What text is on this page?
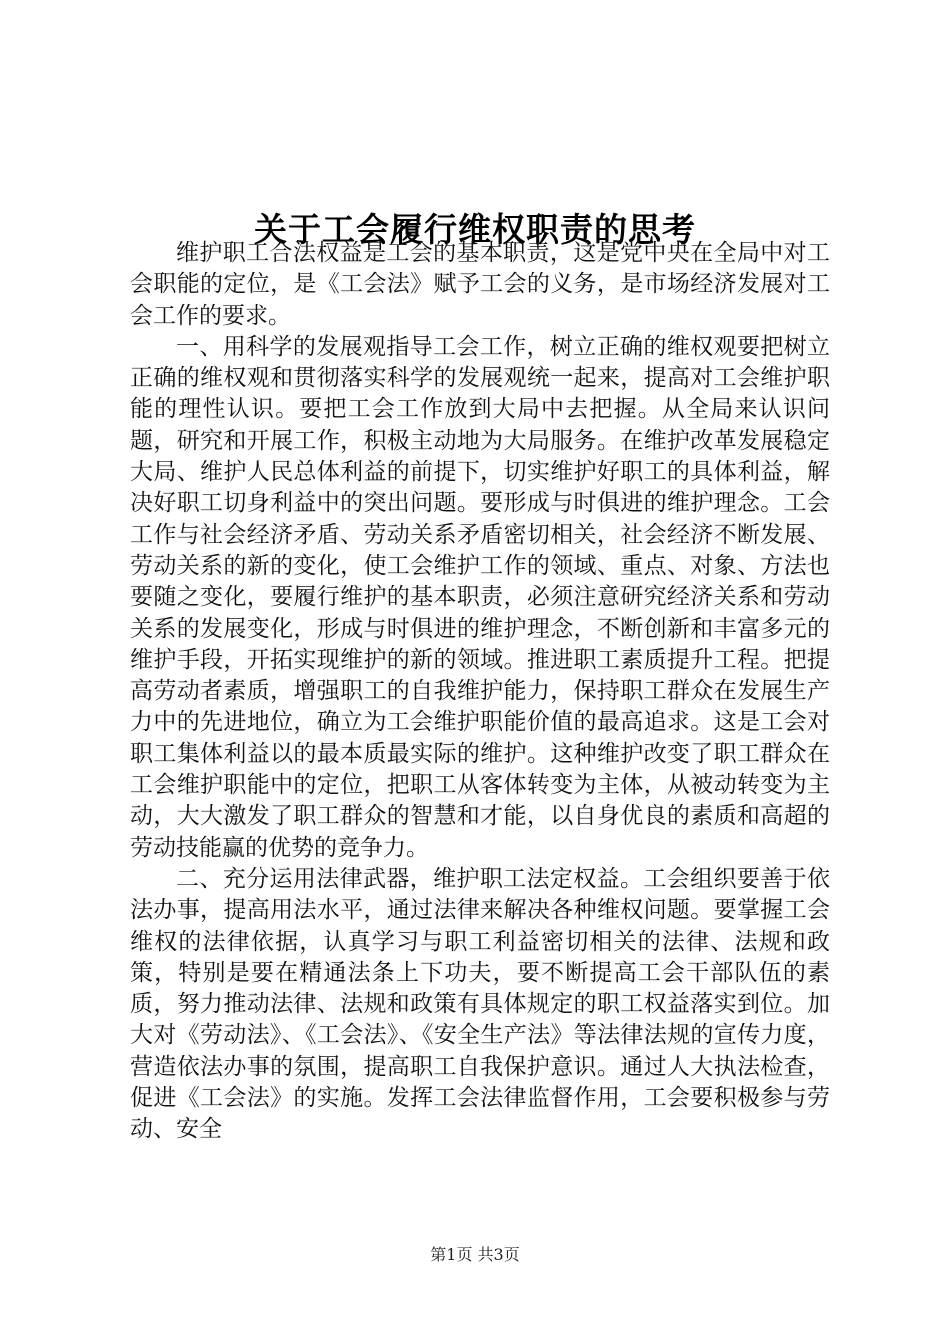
关于工会履行维权职责的思考

维护职工合法权益是工会的基本职责，这是党中央在全局中对工会职能的定位，是《工会法》赋予工会的义务，是市场经济发展对工会工作的要求。

一、用科学的发展观指导工会工作，树立正确的维权观要把树立正确的维权观和贯彻落实科学的发展观统一起来，提高对工会维护职能的理性认识。要把工会工作放到大局中去把握。从全局来认识问题，研究和开展工作，积极主动地为大局服务。在维护改革发展稳定大局、维护人民总体利益的前提下，切实维护好职工的具体利益，解决好职工切身利益中的突出问题。要形成与时俱进的维护理念。工会工作与社会经济矛盾、劳动关系矛盾密切相关，社会经济不断发展、劳动关系的新的变化，使工会维护工作的领域、重点、对象、方法也要随之变化，要履行维护的基本职责，必须注意研究经济关系和劳动关系的发展变化，形成与时俱进的维护理念，不断创新和丰富多元的维护手段，开拓实现维护的新的领域。推进职工素质提升工程。把提高劳动者素质，增强职工的自我维护能力，保持职工群众在发展生产力中的先进地位，确立为工会维护职能价值的最高追求。这是工会对职工集体利益以的最本质最实际的维护。这种维护改变了职工群众在工会维护职能中的定位，把职工从客体转变为主体，从被动转变为主动，大大激发了职工群众的智慧和才能，以自身优良的素质和高超的劳动技能赢的优势的竞争力。

二、充分运用法律武器，维护职工法定权益。工会组织要善于依法办事，提高用法水平，通过法律来解决各种维权问题。要掌握工会维权的法律依据，认真学习与职工利益密切相关的法律、法规和政策，特别是要在精通法条上下功夫，要不断提高工会干部队伍的素质，努力推动法律、法规和政策有具体规定的职工权益落实到位。加大对《劳动法》、《工会法》、《安全生产法》等法律法规的宣传力度，营造依法办事的氛围，提高职工自我保护意识。通过人大执法检查，促进《工会法》的实施。发挥工会法律监督作用，工会要积极参与劳动、安全

第1页 共3页
